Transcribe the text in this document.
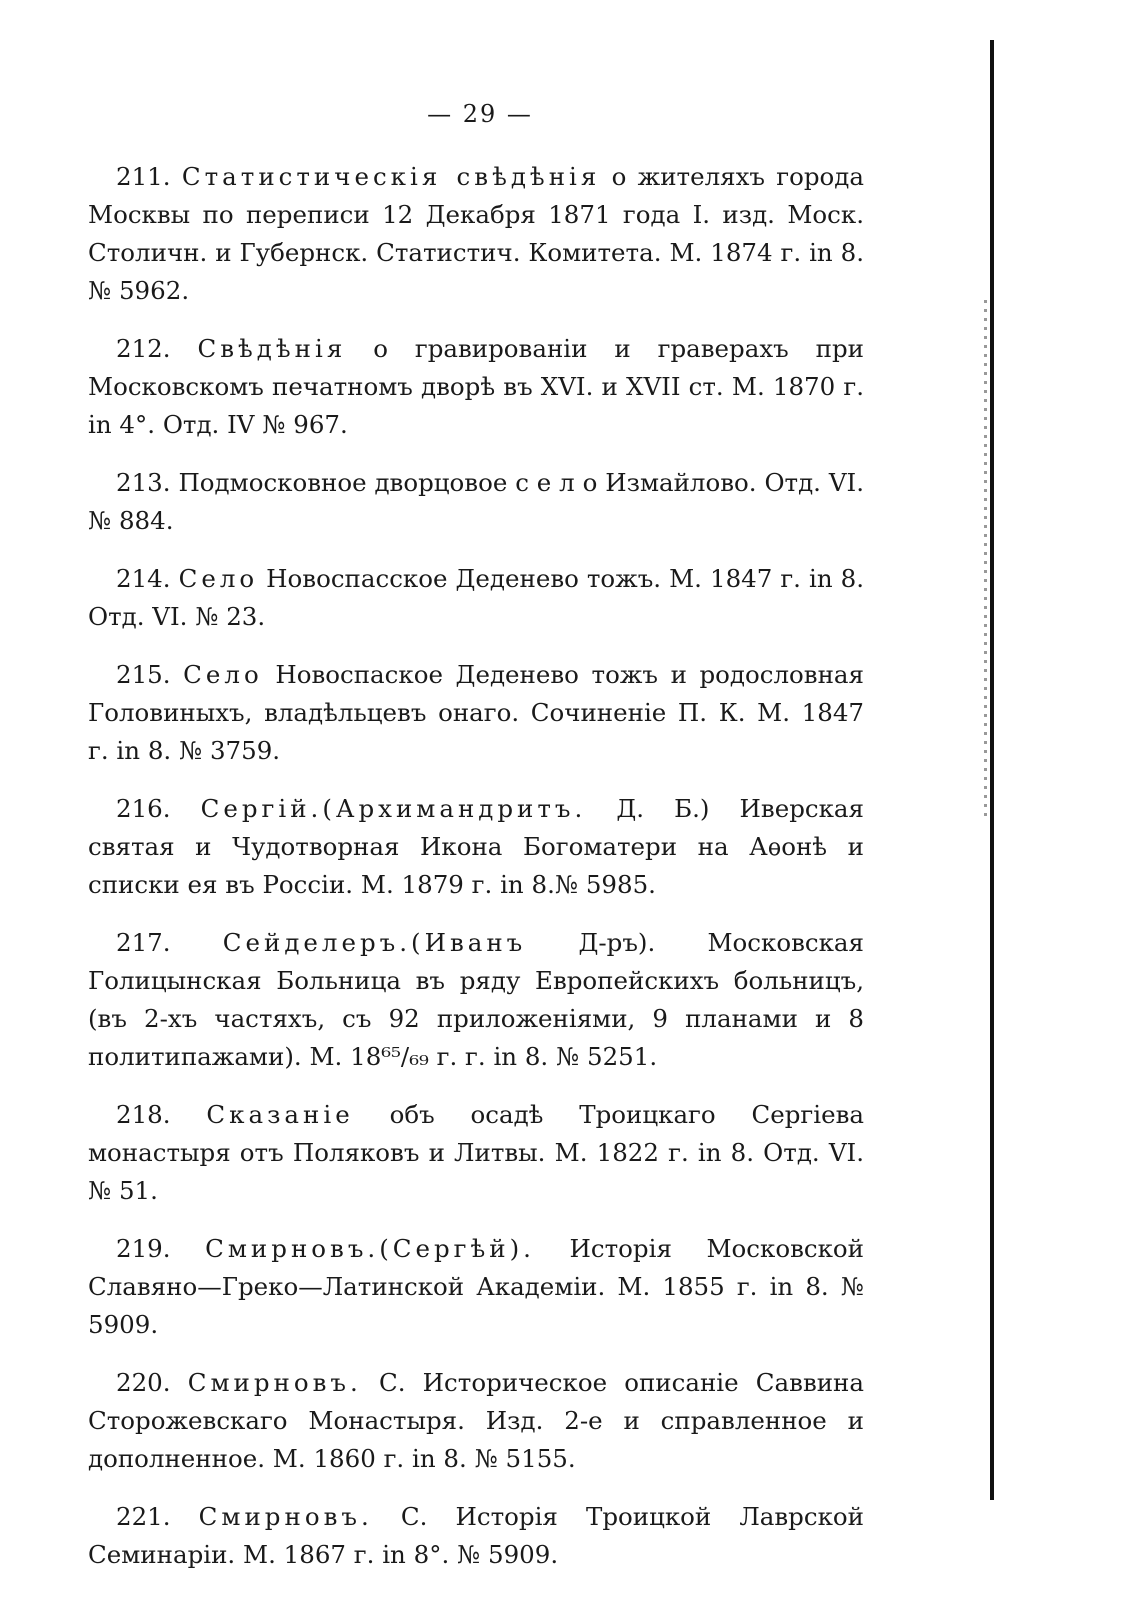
— 29 —

211. Статистическія свѣдѣнія о жителяхъ города Москвы по переписи 12 Декабря 1871 года I. изд. Моск. Столичн. и Губернск. Статистич. Комитета. М. 1874 г. in 8. № 5962.

212. Свѣдѣнія о гравированіи и граверахъ при Московскомъ печатномъ дворѣ въ XVI. и XVII ст. М. 1870 г. in 4°. Отд. IV № 967.

213. Подмосковное дворцовое с е л о Измайлово. Отд. VI. № 884.

214. Село Новоспасское Деденево тожъ. М. 1847 г. in 8. Отд. VI. № 23.

215. Село Новоспаское Деденево тожъ и родословная Головиныхъ, владѣльцевъ онаго. Сочиненіе П. К. М. 1847 г. in 8. № 3759.

216. Сергій.(Архимандритъ. Д. Б.) Иверская святая и Чудотворная Икона Богоматери на Аѳонѣ и списки ея въ Россіи. М. 1879 г. in 8.№ 5985.

217. Сейделеръ.(Иванъ Д-ръ). Московская Голицынская Больница въ ряду Европейскихъ больницъ, (въ 2-хъ частяхъ, съ 92 приложеніями, 9 планами и 8 политипажами). М. 18⁶⁵/₆₉ г. г. in 8. № 5251.

218. Сказаніе объ осадѣ Троицкаго Сергіева монастыря отъ Поляковъ и Литвы. М. 1822 г. in 8. Отд. VI. № 51.

219. Смирновъ.(Сергѣй). Исторія Московской Славяно—Греко—Латинской Академіи. М. 1855 г. in 8. № 5909.

220. Смирновъ. С. Историческое описаніе Саввина Сторожевскаго Монастыря. Изд. 2-е и справленное и дополненное. М. 1860 г. in 8. № 5155.

221. Смирновъ. С. Исторія Троицкой Лаврской Семинаріи. М. 1867 г. in 8°. № 5909.
